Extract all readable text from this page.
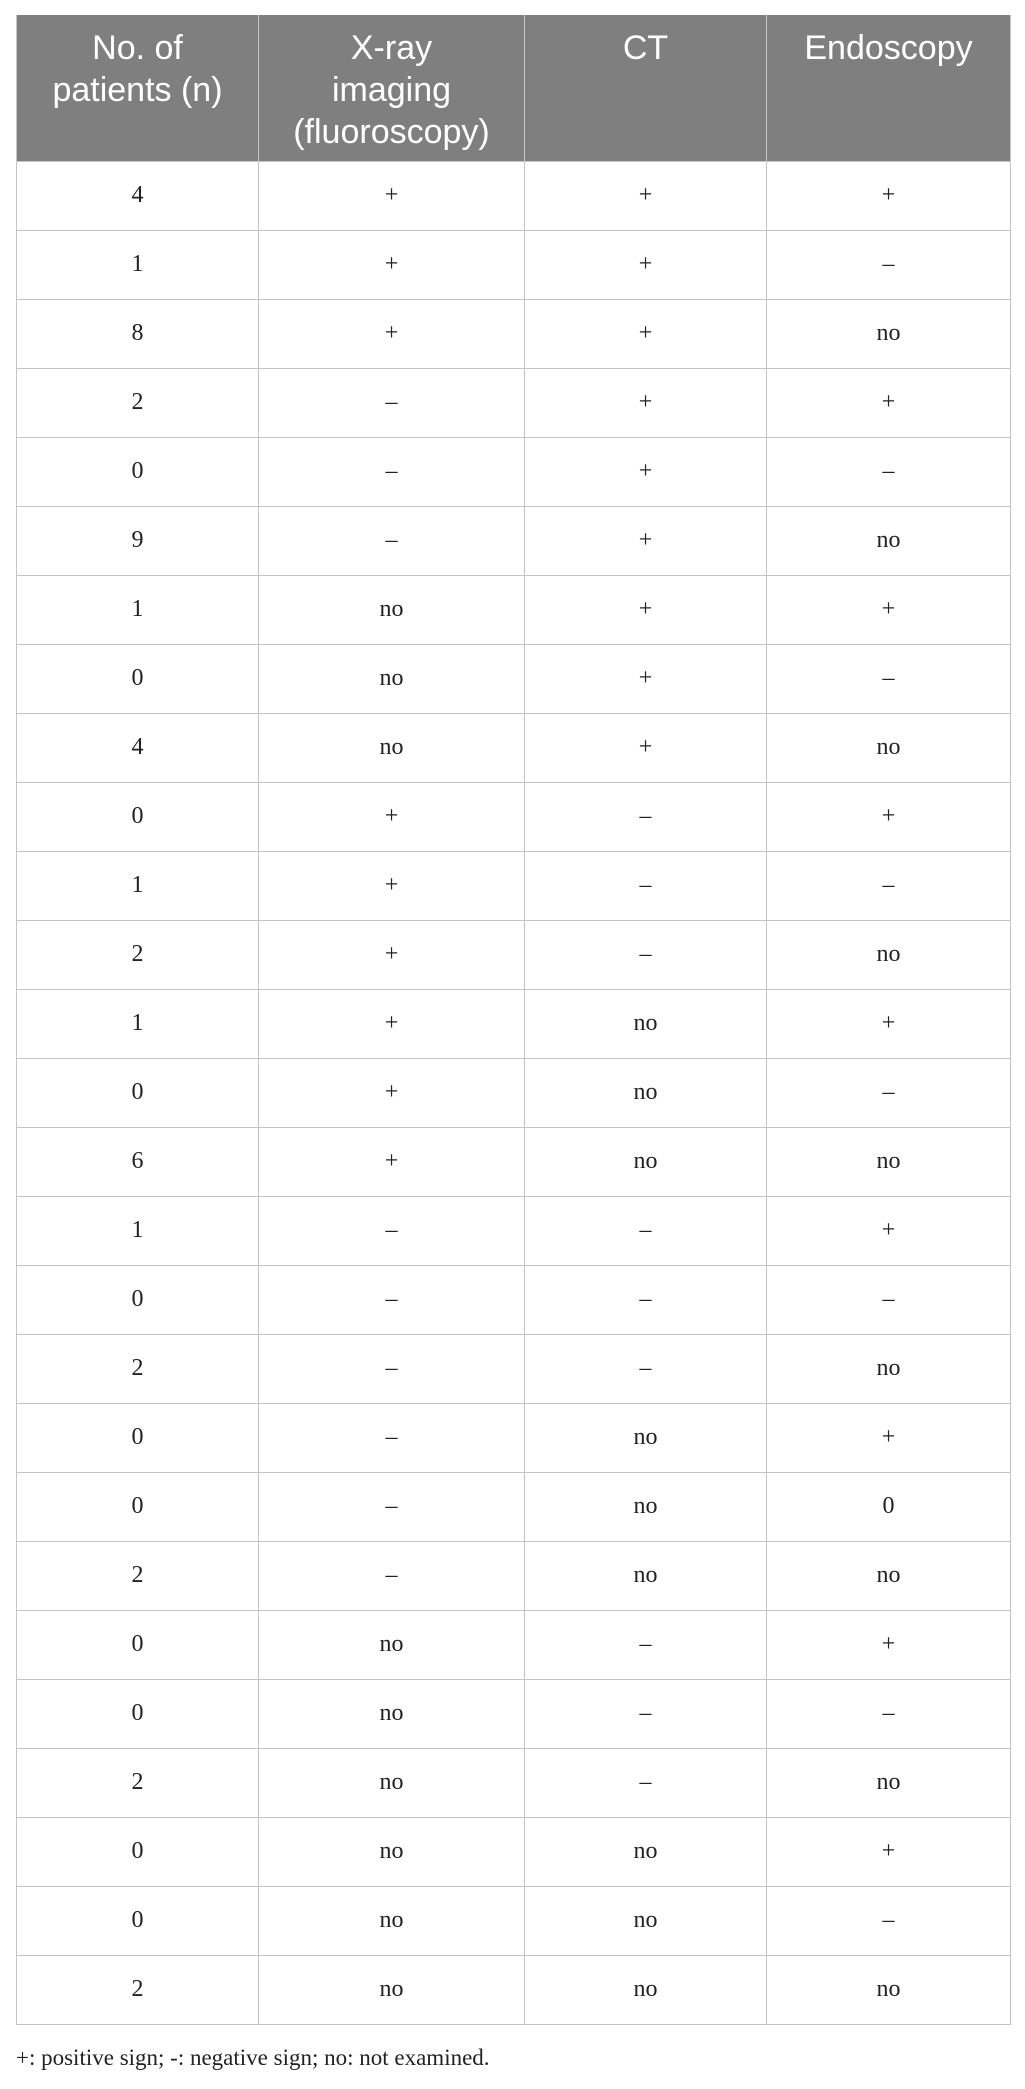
No. of
patients (n)	X-ray
imaging
(fluoroscopy)	CT	Endoscopy
4	+	+	+
1	+	+	–
8	+	+	no
2	–	+	+
0	–	+	–
9	–	+	no
1	no	+	+
0	no	+	–
4	no	+	no
0	+	–	+
1	+	–	–
2	+	–	no
1	+	no	+
0	+	no	–
6	+	no	no
1	–	–	+
0	–	–	–
2	–	–	no
0	–	no	+
0	–	no	0
2	–	no	no
0	no	–	+
0	no	–	–
2	no	–	no
0	no	no	+
0	no	no	–
2	no	no	no

+: positive sign; -: negative sign; no: not examined.
